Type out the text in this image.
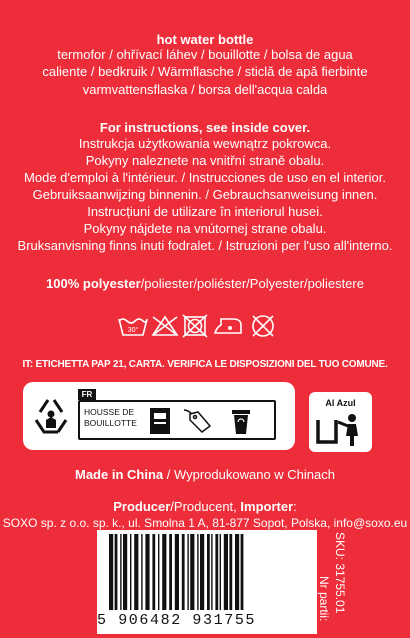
hot water bottle
termofor / ohřívací láhev / bouillotte / bolsa de agua
caliente / bedkruik / Wärmflasche / sticlă de apă fierbinte
varmvattensflaska / borsa dell'acqua calda
For instructions, see inside cover.
Instrukcja użytkowania wewnątrz pokrowca.
Pokyny naleznete na vnitřní straně obalu.
Mode d'emploi à l'intérieur. / Instrucciones de uso en el interior.
Gebruiksaanwijzing binnenin. / Gebrauchsanweisung innen.
Instrucțiuni de utilizare în interiorul husei.
Pokyny nájdete na vnútornej strane obalu.
Bruksanvisning finns inuti fodralet. / Istruzioni per l'uso all'interno.
100% polyester/poliester/poliéster/Polyester/poliestere
30°
IT: ETICHETTA PAP 21, CARTA. VERIFICA LE DISPOSIZIONI DEL TUO COMUNE.
FR
HOUSSE DE
BOUILLOTTE
Al Azul
Made in China / Wyprodukowano w Chinach
Producer/Producent, Importer:
SOXO sp. z o.o. sp. k., ul. Smolna 1 A, 81-877 Sopot, Polska, info@soxo.eu
5 906482 931755
SKU: 31755.01
Nr partii:
